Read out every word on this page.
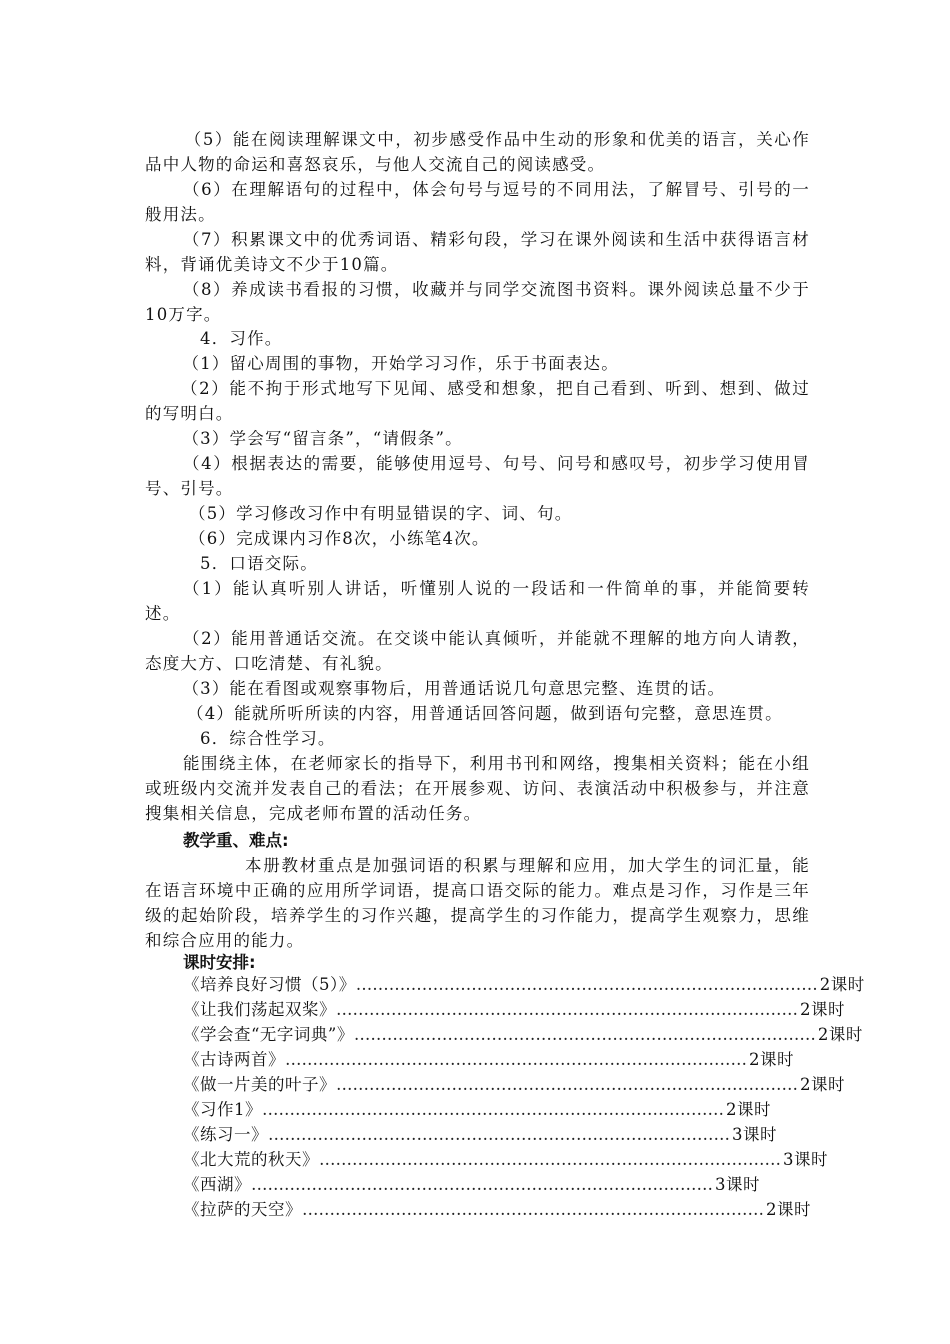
　（5）能在阅读理解课文中，初步感受作品中生动的形象和优美的语言，关心作品中人物的命运和喜怒哀乐，与他人交流自己的阅读感受。

（6）在理解语句的过程中，体会句号与逗号的不同用法，了解冒号、引号的一般用法。

　（7）积累课文中的优秀词语、精彩句段，学习在课外阅读和生活中获得语言材料，背诵优美诗文不少于10篇。

　（8）养成读书看报的习惯，收藏并与同学交流图书资料。课外阅读总量不少于10万字。

4．习作。

　（1）留心周围的事物，开始学习习作，乐于书面表达。

（2）能不拘于形式地写下见闻、感受和想象，把自己看到、听到、想到、做过的写明白。

　（3）学会写“留言条”，“请假条”。

（4）根据表达的需要，能够使用逗号、句号、问号和感叹号，初步学习使用冒号、引号。

（5）学习修改习作中有明显错误的字、词、句。

（6）完成课内习作8次，小练笔4次。

5．口语交际。

（1）能认真听别人讲话，听懂别人说的一段话和一件简单的事，并能简要转述。

（2）能用普通话交流。在交谈中能认真倾听，并能就不理解的地方向人请教，态度大方、口吃清楚、有礼貌。

　（3）能在看图或观察事物后，用普通话说几句意思完整、连贯的话。

（4）能就所听所读的内容，用普通话回答问题，做到语句完整，意思连贯。

6．综合性学习。

能围绕主体，在老师家长的指导下，利用书刊和网络，搜集相关资料；能在小组或班级内交流并发表自己的看法；在开展参观、访问、表演活动中积极参与，并注意搜集相关信息，完成老师布置的活动任务。

教学重、难点:

本册教材重点是加强词语的积累与理解和应用，加大学生的词汇量，能在语言环境中正确的应用所学词语，提高口语交际的能力。难点是习作，习作是三年级的起始阶段，培养学生的习作兴趣，提高学生的习作能力，提高学生观察力，思维和综合应用的能力。

课时安排:

《培养良好习惯（5）》 ………………………………………………………………………… 2课时
《让我们荡起双桨》 ………………………………………………………………………… 2课时
《学会查“无字词典”》 ………………………………………………………………………… 2课时
《古诗两首》 ………………………………………………………………………… 2课时
《做一片美的叶子》 ………………………………………………………………………… 2课时
《习作1》 ………………………………………………………………………… 2课时
《练习一》 ………………………………………………………………………… 3课时
《北大荒的秋天》 ………………………………………………………………………… 3课时
《西湖》 ………………………………………………………………………… 3课时
《拉萨的天空》 ………………………………………………………………………… 2课时
